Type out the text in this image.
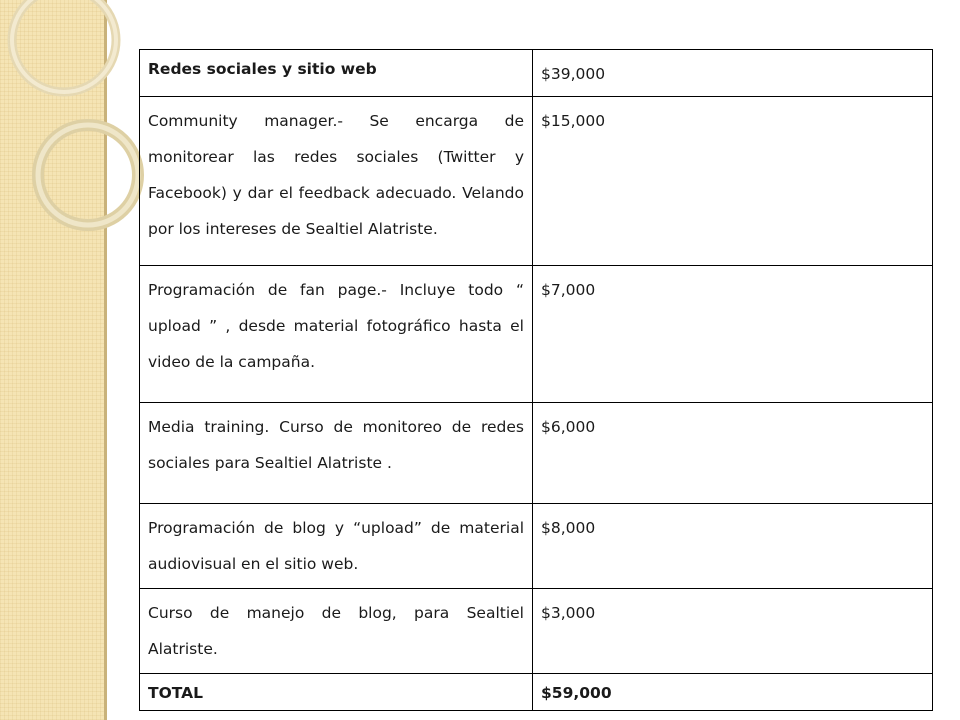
Redes sociales y sitio web	$39,000
Community manager.- Se encarga de monitorear las redes sociales (Twitter y Facebook) y dar el feedback adecuado. Velando por los intereses de Sealtiel Alatriste.	$15,000
Programación de fan page.- Incluye todo “ upload ” , desde material fotográfico hasta el video de la campaña.	$7,000
Media training. Curso de monitoreo de redes sociales para Sealtiel Alatriste .	$6,000
Programación de blog y “upload” de material audiovisual en el sitio web.	$8,000
Curso de manejo de blog, para Sealtiel Alatriste.	$3,000
TOTAL	$59,000
